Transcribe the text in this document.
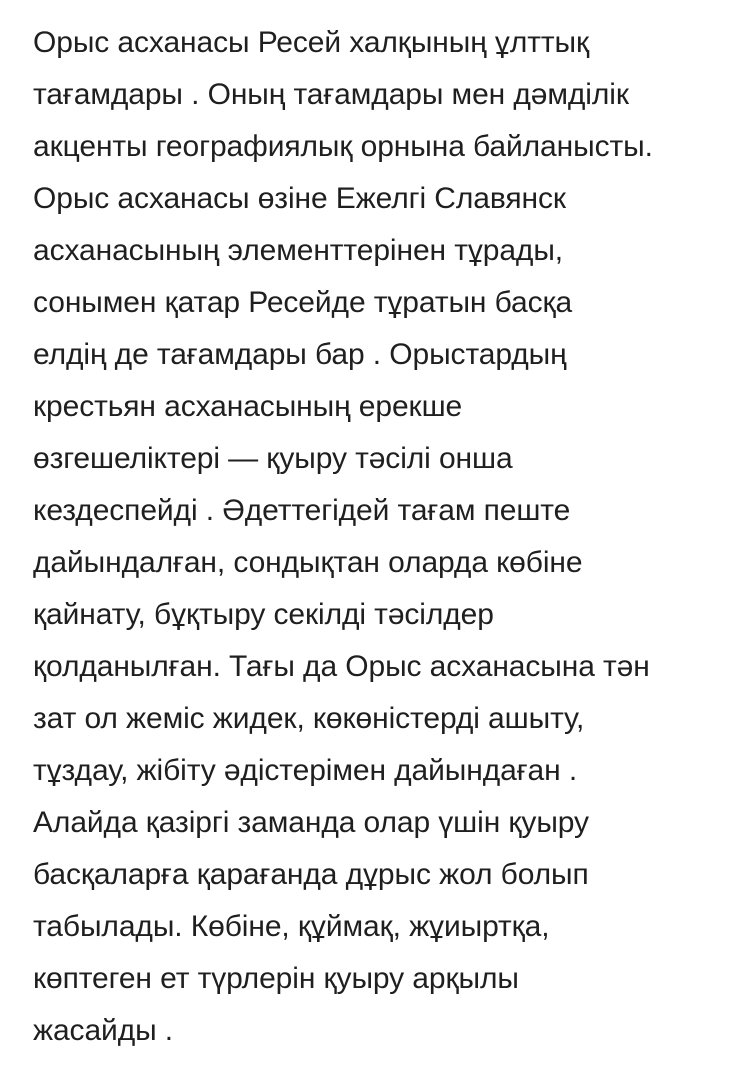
Орыс асханасы Ресей халқының ұлттық
тағамдары . Оның тағамдары мен дәмділік
акценты географиялық орнына байланысты.
Орыс асханасы өзіне Ежелгі Славянск
асханасының элементтерінен тұрады,
сонымен қатар Ресейде тұратын басқа
елдің де тағамдары бар . Орыстардың
крестьян асханасының ерекше
өзгешеліктері — қуыру тәсілі онша
кездеспейді . Әдеттегідей тағам пеште
дайындалған, сондықтан оларда көбіне
қайнату, бұқтыру секілді тәсілдер
қолданылған. Тағы да Орыс асханасына тән
зат ол жеміс жидек, көкөністерді ашыту,
тұздау, жібіту әдістерімен дайындаған .
Алайда қазіргі заманда олар үшін қуыру
басқаларға қарағанда дұрыс жол болып
табылады. Көбіне, құймақ, жұиыртқа,
көптеген ет түрлерін қуыру арқылы
жасайды .
